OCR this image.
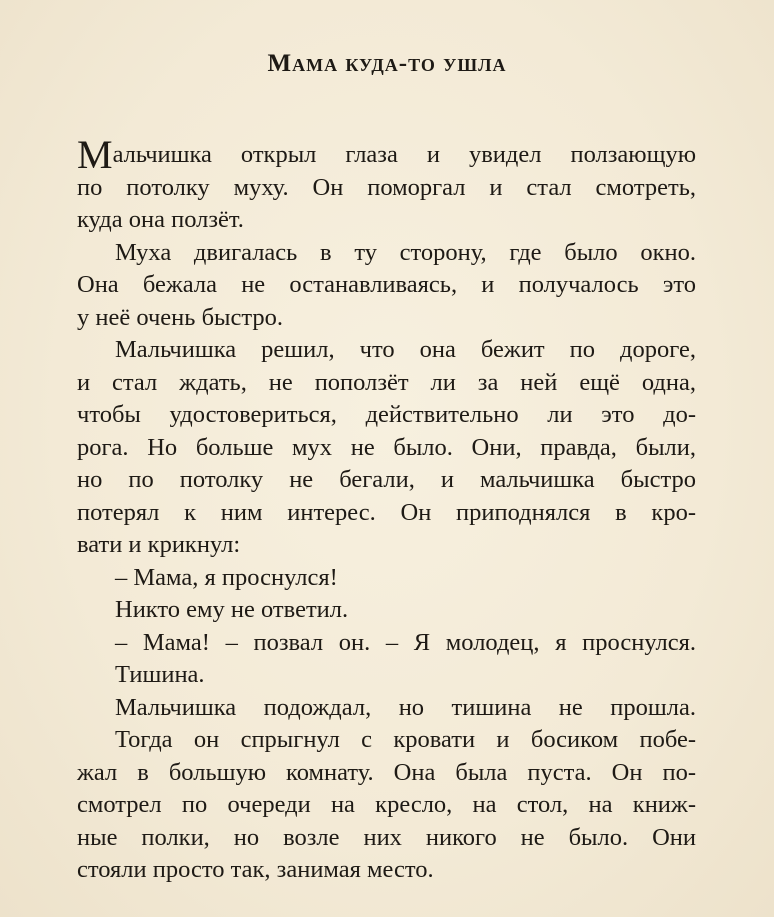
Мама куда-то ушла
Мальчишка открыл глаза и увидел ползающую
по потолку муху. Он поморгал и стал смотреть,
куда она ползёт.
Муха двигалась в ту сторону, где было окно.
Она бежала не останавливаясь, и получалось это
у неё очень быстро.
Мальчишка решил, что она бежит по дороге,
и стал ждать, не поползёт ли за ней ещё одна,
чтобы удостовериться, действительно ли это до-
рога. Но больше мух не было. Они, правда, были,
но по потолку не бегали, и мальчишка быстро
потерял к ним интерес. Он приподнялся в кро-
вати и крикнул:
– Мама, я проснулся!
Никто ему не ответил.
– Мама! – позвал он. – Я молодец, я проснулся.
Тишина.
Мальчишка подождал, но тишина не прошла.
Тогда он спрыгнул с кровати и босиком побе-
жал в большую комнату. Она была пуста. Он по-
смотрел по очереди на кресло, на стол, на книж-
ные полки, но возле них никого не было. Они
стояли просто так, занимая место.
